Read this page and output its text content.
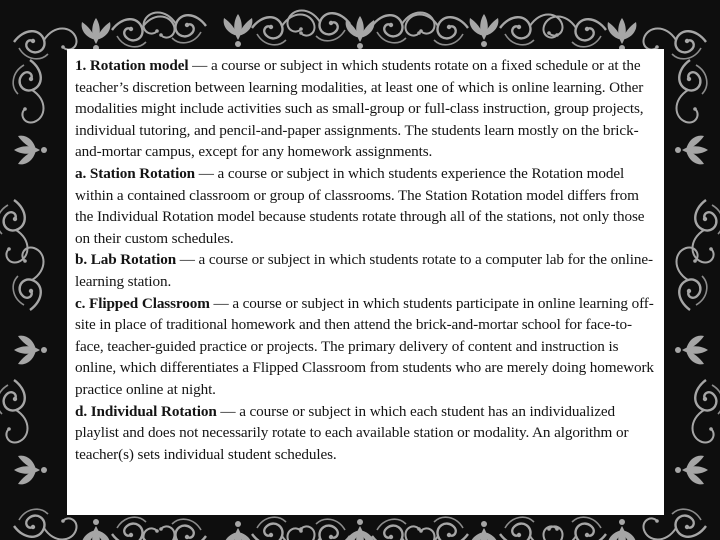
1. Rotation model — a course or subject in which students rotate on a fixed schedule or at the teacher’s discretion between learning modalities, at least one of which is online learning. Other modalities might include activities such as small-group or full-class instruction, group projects, individual tutoring, and pencil-and-paper assignments. The students learn mostly on the brick-and-mortar campus, except for any homework assignments.

a. Station Rotation — a course or subject in which students experience the Rotation model within a contained classroom or group of classrooms. The Station Rotation model differs from the Individual Rotation model because students rotate through all of the stations, not only those on their custom schedules.

b. Lab Rotation — a course or subject in which students rotate to a computer lab for the online-learning station.

c. Flipped Classroom — a course or subject in which students participate in online learning off-site in place of traditional homework and then attend the brick-and-mortar school for face-to-face, teacher-guided practice or projects. The primary delivery of content and instruction is online, which differentiates a Flipped Classroom from students who are merely doing homework practice online at night.

d. Individual Rotation — a course or subject in which each student has an individualized playlist and does not necessarily rotate to each available station or modality. An algorithm or teacher(s) sets individual student schedules.
